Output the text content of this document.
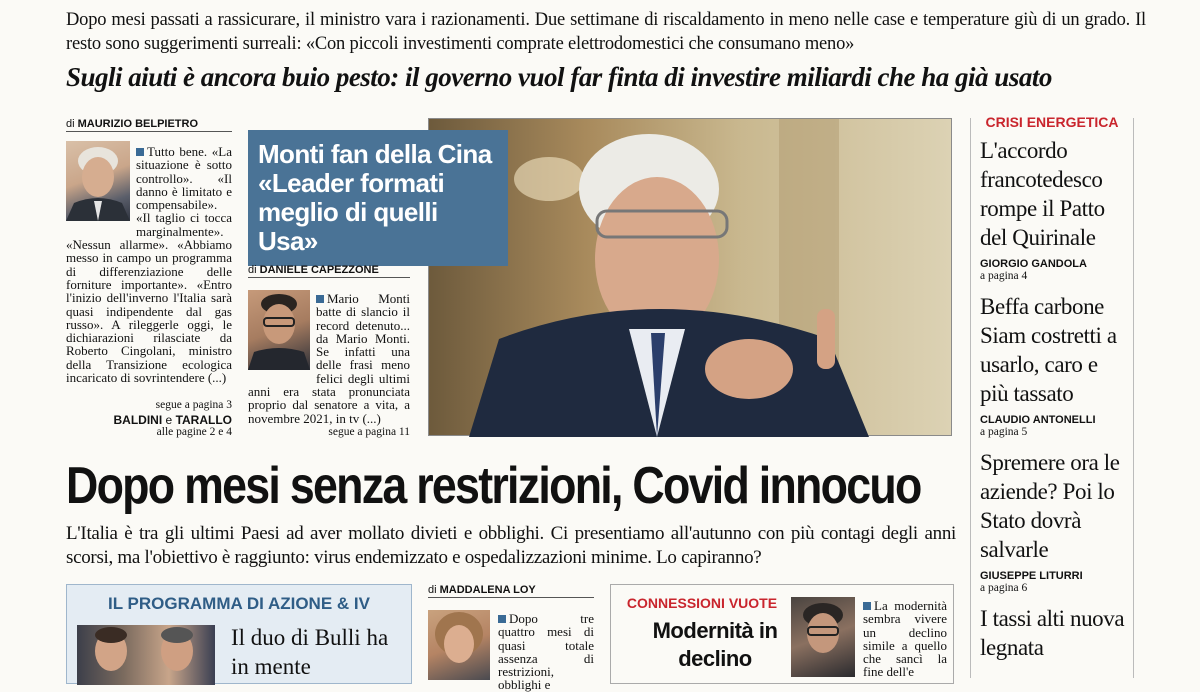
Dopo mesi passati a rassicurare, il ministro vara i razionamenti. Due settimane di riscaldamento in meno nelle case e temperature giù di un grado. Il resto sono suggerimenti surreali: «Con piccoli investimenti comprate elettrodomestici che consumano meno»
Sugli aiuti è ancora buio pesto: il governo vuol far finta di investire miliardi che ha già usato
di MAURIZIO BELPIETRO
Tutto bene. «La situazione è sotto controllo». «Il danno è limitato e compensabile». «Il taglio ci tocca marginalmente». «Nessun allarme». «Abbiamo messo in campo un programma di differenziazione delle forniture importante». «Entro l'inizio dell'inverno l'Italia sarà quasi indipendente dal gas russo». A rileggerle oggi, le dichiarazioni rilasciate da Roberto Cingolani, ministro della Transizione ecologica incaricato di sovrintendere (...)
segue a pagina 3
BALDINI e TARALLO
alle pagine 2 e 4
Monti fan della Cina «Leader formati meglio di quelli Usa»
di DANIELE CAPEZZONE
Mario Monti batte di slancio il record detenuto... da Mario Monti. Se infatti una delle frasi meno felici degli ultimi anni era stata pronunciata proprio dal senatore a vita, a novembre 2021, in tv (...)
segue a pagina 11
Dopo mesi senza restrizioni, Covid innocuo
L'Italia è tra gli ultimi Paesi ad aver mollato divieti e obblighi. Ci presentiamo all'autunno con più contagi degli anni scorsi, ma l'obiettivo è raggiunto: virus endemizzato e ospedalizzazioni minime. Lo capiranno?
CRISI ENERGETICA
L'accordo francotedesco rompe il Patto del Quirinale
GIORGIO GANDOLA
a pagina 4
Beffa carbone Siam costretti a usarlo, caro e più tassato
CLAUDIO ANTONELLI
a pagina 5
Spremere ora le aziende? Poi lo Stato dovrà salvarle
GIUSEPPE LITURRI
a pagina 6
I tassi alti nuova legnata
IL PROGRAMMA DI AZIONE & IV
Il duo di Bulli ha in mente
di MADDALENA LOY
Dopo tre quattro mesi di quasi totale assenza di restrizioni, obblighi e
CONNESSIONI VUOTE
Modernità in declino
La modernità sembra vivere un declino simile a quello che sancì la fine dell'e
